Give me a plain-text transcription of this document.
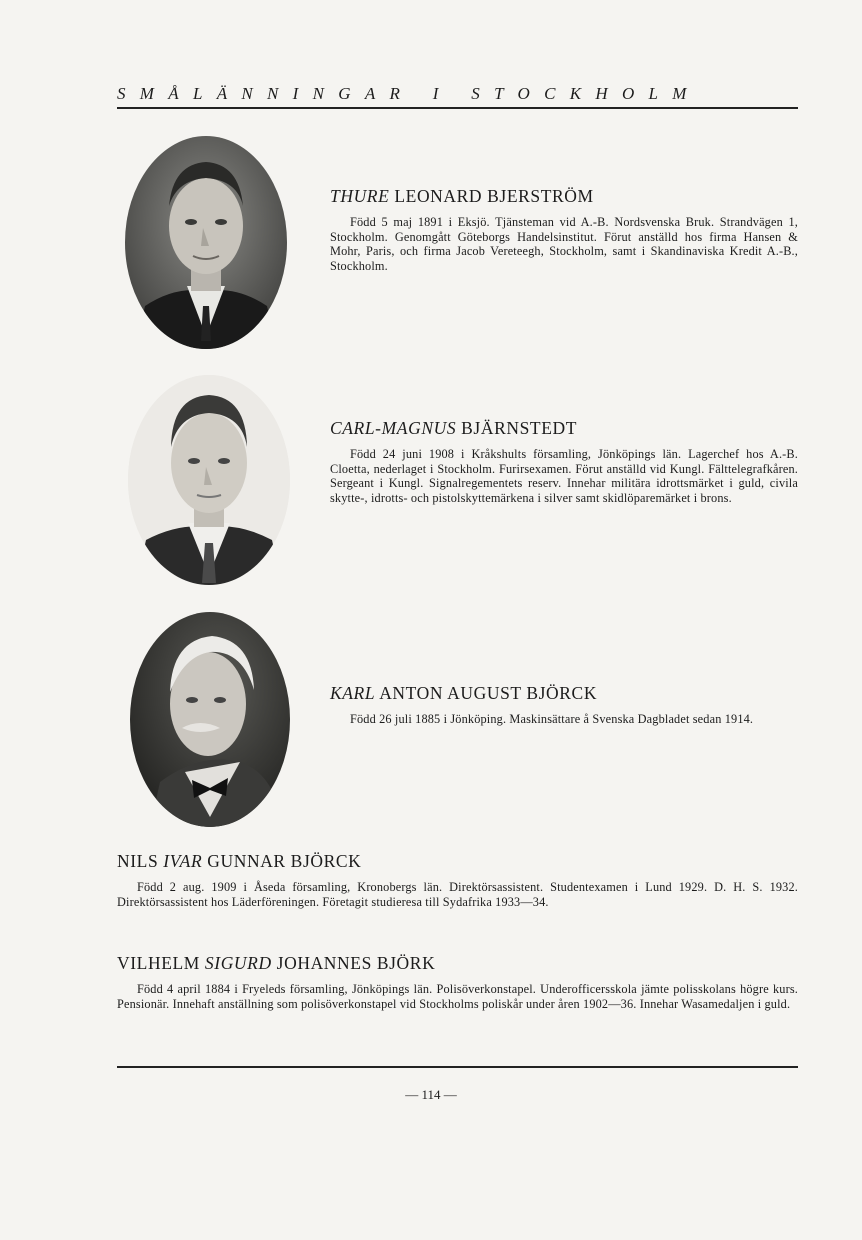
SMÅLÄNNINGAR I STOCKHOLM
THURE LEONARD BJERSTRÖM
Född 5 maj 1891 i Eksjö. Tjänsteman vid A.-B. Nordsvenska Bruk. Strandvägen 1, Stockholm. Genomgått Göteborgs Handelsinstitut. Förut anställd hos firma Hansen & Mohr, Paris, och firma Jacob Vereteegh, Stockholm, samt i Skandinaviska Kredit A.-B., Stockholm.
CARL-MAGNUS BJÄRNSTEDT
Född 24 juni 1908 i Kråkshults församling, Jönköpings län. Lagerchef hos A.-B. Cloetta, nederlaget i Stockholm. Furirsexamen. Förut anställd vid Kungl. Fälttelegrafkåren. Sergeant i Kungl. Signalregementets reserv. Innehar militära idrottsmärket i guld, civila skytte-, idrotts- och pistolskyttemärkena i silver samt skidlöparemärket i brons.
KARL ANTON AUGUST BJÖRCK
Född 26 juli 1885 i Jönköping. Maskinsättare å Svenska Dagbladet sedan 1914.
NILS IVAR GUNNAR BJÖRCK
Född 2 aug. 1909 i Åseda församling, Kronobergs län. Direktörsassistent. Studentexamen i Lund 1929. D. H. S. 1932. Direktörsassistent hos Läderföreningen. Företagit studieresa till Sydafrika 1933—34.
VILHELM SIGURD JOHANNES BJÖRK
Född 4 april 1884 i Fryeleds församling, Jönköpings län. Polisöverkonstapel. Underofficersskola jämte polisskolans högre kurs. Pensionär. Innehaft anställning som polisöverkonstapel vid Stockholms poliskår under åren 1902—36. Innehar Wasamedaljen i guld.
— 114 —
